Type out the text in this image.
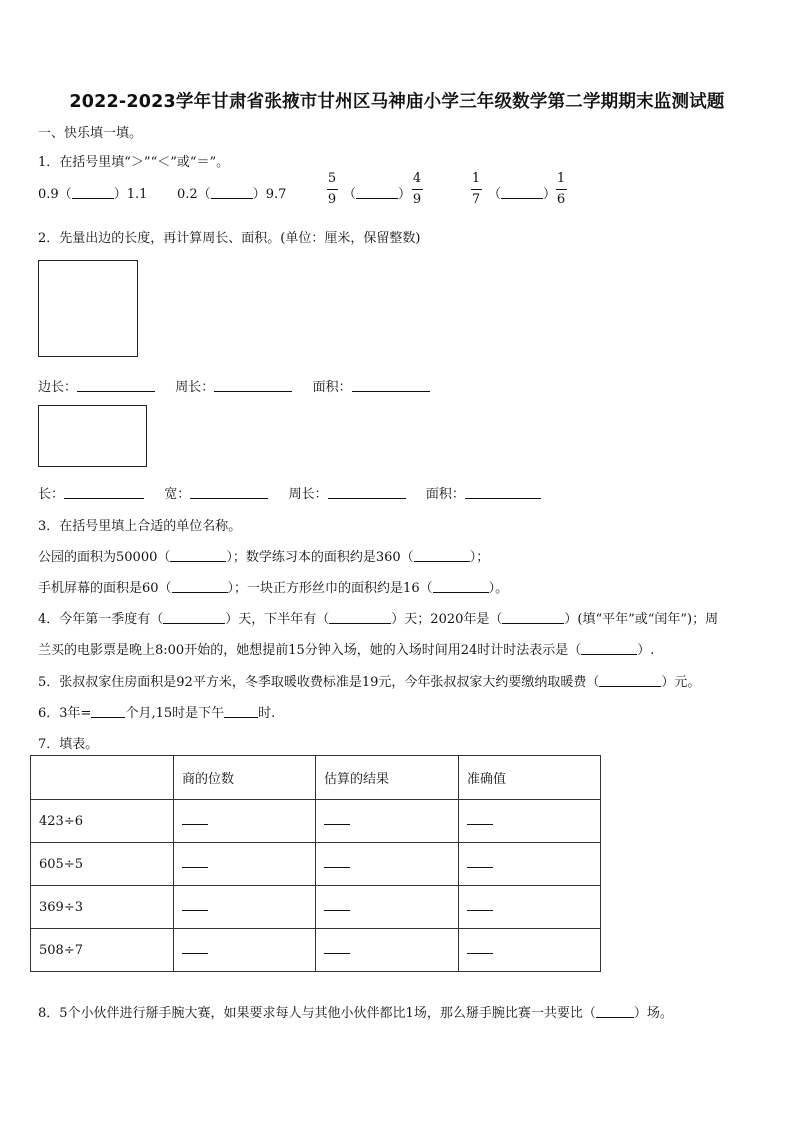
2022-2023学年甘肃省张掖市甘州区马神庙小学三年级数学第二学期期末监测试题
一、快乐填一填。
1．在括号里填“＞”“＜”或“＝”。
0.9（	）1.1 0.2（	）9.7
5
9 （	）
4
9
1
7 （	）
1
6
2．先量出边的长度，再计算周长、面积。(单位：厘米，保留整数)
边长：	周长：	面积：
长：	宽：	周长：	面积：
3．在括号里填上合适的单位名称。
公园的面积为50000（	）；数学练习本的面积约是360（	）；
手机屏幕的面积是60（	）；一块正方形丝巾的面积约是16（	）。
4．今年第一季度有（	）天，下半年有（	）天；2020年是（	）(填“平年”或“闰年”)；周
兰买的电影票是晚上8:00开始的，她想提前15分钟入场，她的入场时间用24时计时法表示是（	）.
5．张叔叔家住房面积是92平方米，冬季取暖收费标准是19元，今年张叔叔家大约要缴纳取暖费（	）元。
6．3年=	个月,15时是下午	时.
7．填表。
	商的位数	估算的结果	准确值
423÷6			
605÷5			
369÷3			
508÷7			
8．5个小伙伴进行掰手腕大赛，如果要求每人与其他小伙伴都比1场，那么掰手腕比赛一共要比（	）场。
